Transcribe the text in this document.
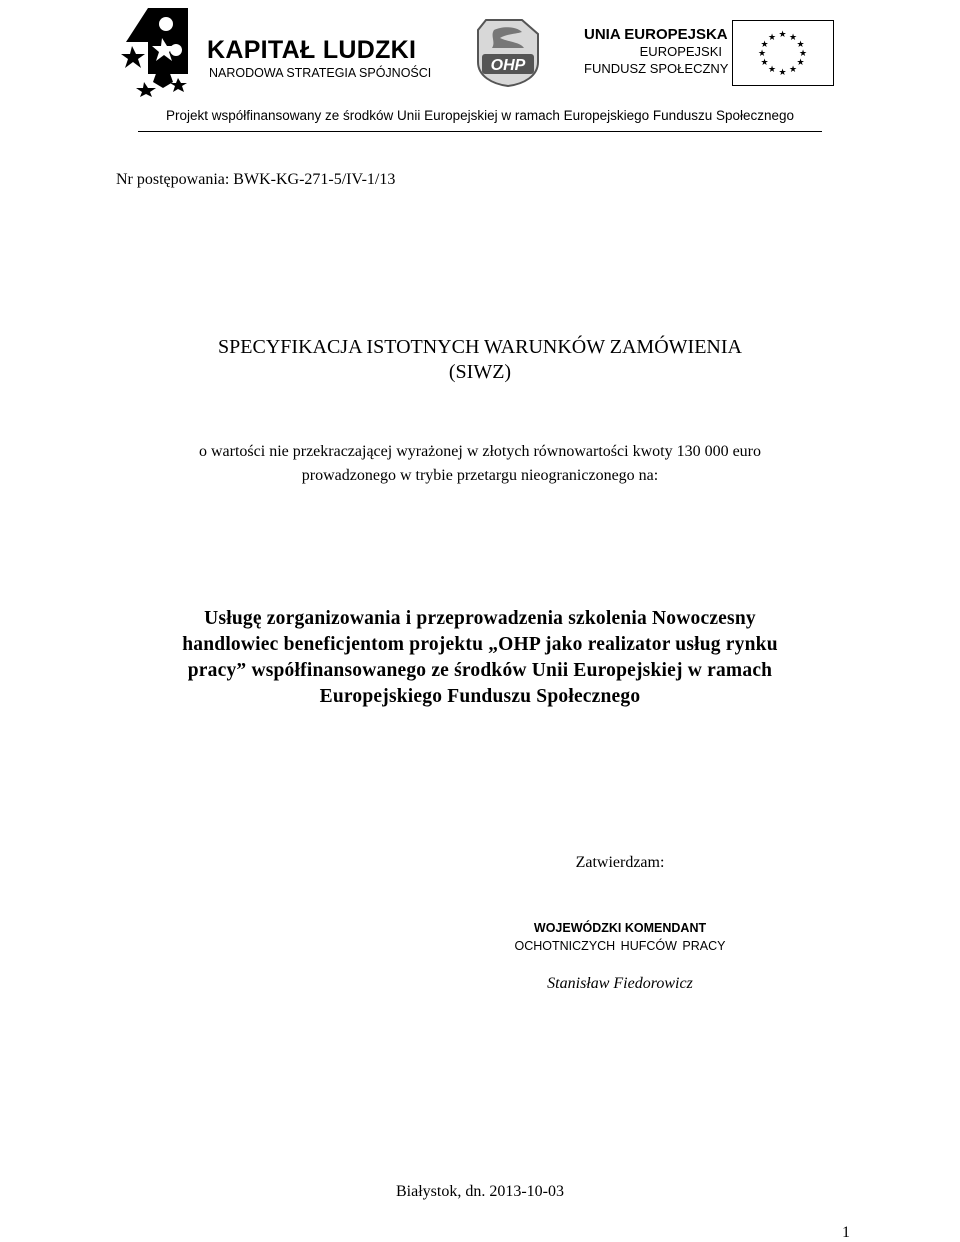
KAPITAŁ LUDZKI
NARODOWA STRATEGIA SPÓJNOŚCI	OHP
UNIA EUROPEJSKA
EUROPEJSKI
FUNDUSZ SPOŁECZNY
★ ★
★
★
★
★
★
★
★
★
★
★
Projekt współfinansowany ze środków Unii Europejskiej w ramach Europejskiego Funduszu Społecznego
Nr postępowania: BWK-KG-271-5/IV-1/13
SPECYFIKACJA ISTOTNYCH WARUNKÓW ZAMÓWIENIA
(SIWZ)
o wartości nie przekraczającej wyrażonej w złotych równowartości kwoty 130 000 euro
prowadzonego w trybie przetargu nieograniczonego na:
Usługę zorganizowania i przeprowadzenia szkolenia Nowoczesny
handlowiec beneficjentom projektu „OHP jako realizator usług rynku
pracy” współfinansowanego ze środków Unii Europejskiej w ramach
Europejskiego Funduszu Społecznego
Zatwierdzam:
WOJEWÓDZKI KOMENDANT
OCHOTNICZYCH HUFCÓW PRACY
Stanisław Fiedorowicz
Białystok, dn. 2013-10-03
1
